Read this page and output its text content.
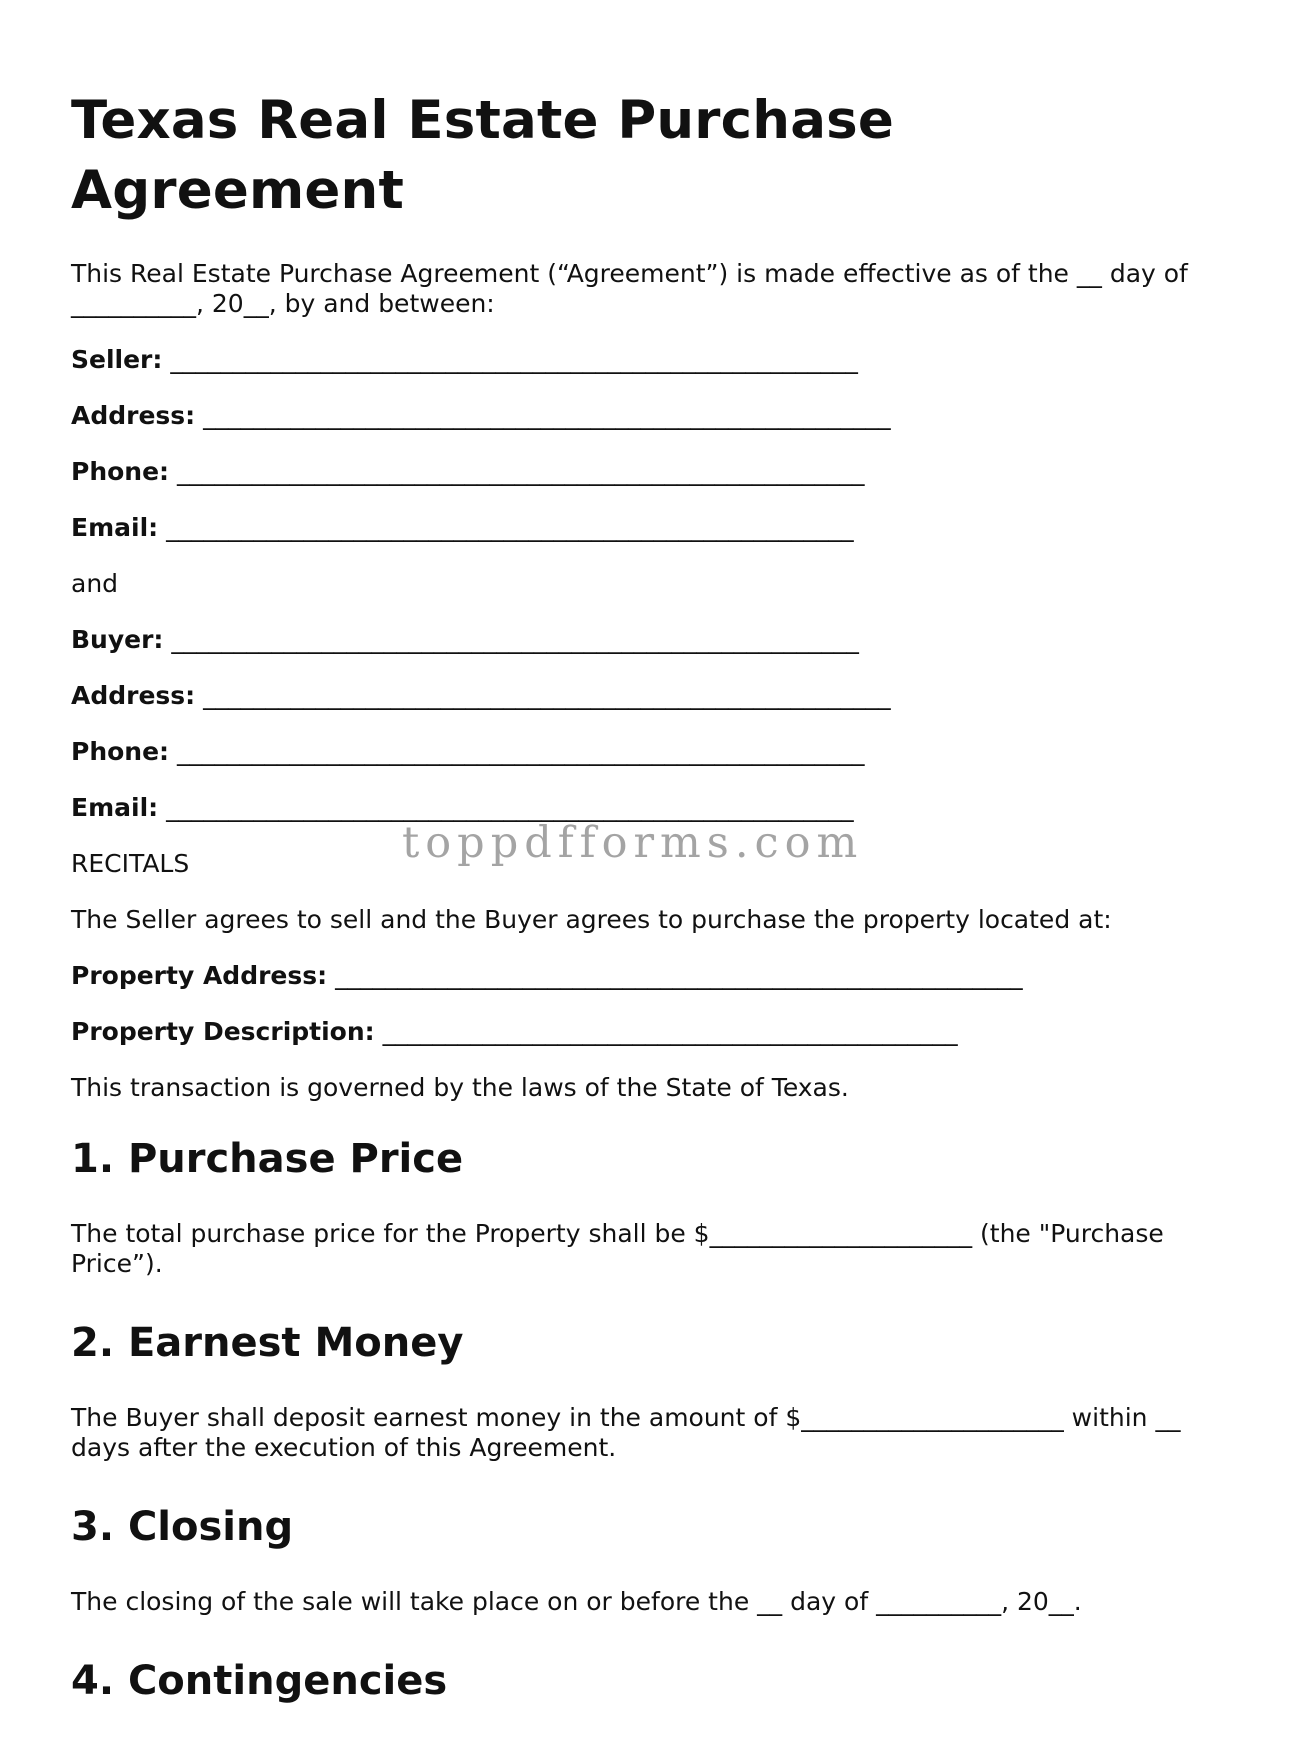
Texas Real Estate Purchase Agreement

This Real Estate Purchase Agreement (“Agreement”) is made effective as of the __ day of __________, 20__, by and between:

Seller: _______________________________________________________
Address: _______________________________________________________
Phone: _______________________________________________________
Email: _______________________________________________________

and

Buyer: _______________________________________________________
Address: _______________________________________________________
Phone: _______________________________________________________
Email: _______________________________________________________

RECITALS

The Seller agrees to sell and the Buyer agrees to purchase the property located at:

Property Address: _______________________________________________________
Property Description: ______________________________________________

This transaction is governed by the laws of the State of Texas.

1. Purchase Price

The total purchase price for the Property shall be $_____________________ (the "Purchase Price”).

2. Earnest Money

The Buyer shall deposit earnest money in the amount of $_____________________ within __ days after the execution of this Agreement.

3. Closing

The closing of the sale will take place on or before the __ day of __________, 20__.

4. Contingencies
toppdfforms.com
